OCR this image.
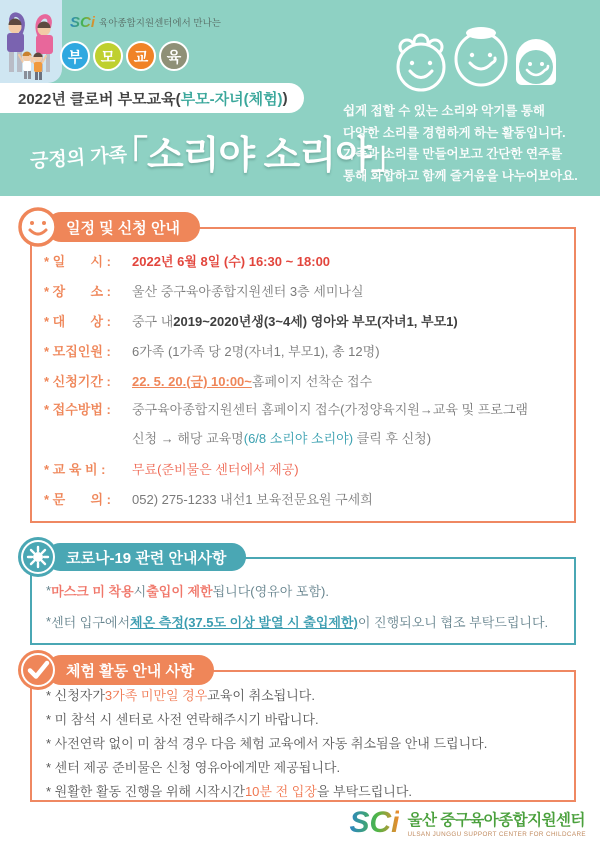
SCi 육아종합지원센터에서 만나는
부	모	교	육
2022년 클로버 부모교육( 부모-자녀(체험) )
긍정의 가족
「소리야 소리야」
쉽게 접할 수 있는 소리와 악기를 통해
다양한 소리를 경험하게 하는 활동입니다.
가족과 소리를 만들어보고 간단한 연주를
통해 화합하고 함께 즐거움을 나누어보아요.
일정 및 신청 안내
* 일       시 :	2022년 6월 8일 (수) 16:30 ~ 18:00
* 장       소 :	울산 중구육아종합지원센터 3층 세미나실
* 대       상 :	중구 내 2019~2020년생(3~4세) 영아와 부모(자녀1, 부모1)
* 모집인원 :	6가족 (1가족 당 2명(자녀1, 부모1), 총 12명)
* 신청기간 :	22. 5. 20.(금) 10:00~ 홈페이지 선착순 접수
* 접수방법 :	중구육아종합지원센터 홈페이지 접수(가정양육지원→교육 및 프로그램
신청 → 해당 교육명(6/8 소리야 소리야) 클릭 후 신청)
* 교 육 비 :	무료(준비물은 센터에서 제공)
* 문       의 :	052) 275-1233 내선1 보육전문요원 구세희
코로나-19 관련 안내사항
* 마스크 미 착용 시 출입이 제한 됩니다(영유아 포함).
* 센터 입구에서 체온 측정(37.5도 이상 발열 시 출입제한) 이 진행되오니 협조 부탁드립니다.
체험 활동 안내 사항
* 신청자가 3가족 미만일 경우 교육이 취소됩니다.
* 미 참석 시 센터로 사전 연락해주시기 바랍니다.
* 사전연락 없이 미 참석 경우 다음 체험 교육에서 자동 취소됨을 안내 드립니다.
* 센터 제공 준비물은 신청 영유아에게만 제공됩니다.
* 원활한 활동 진행을 위해 시작시간 10분 전 입장 을 부탁드립니다.
SCi 울산 중구육아종합지원센터
ULSAN JUNGGU SUPPORT CENTER FOR CHILDCARE
